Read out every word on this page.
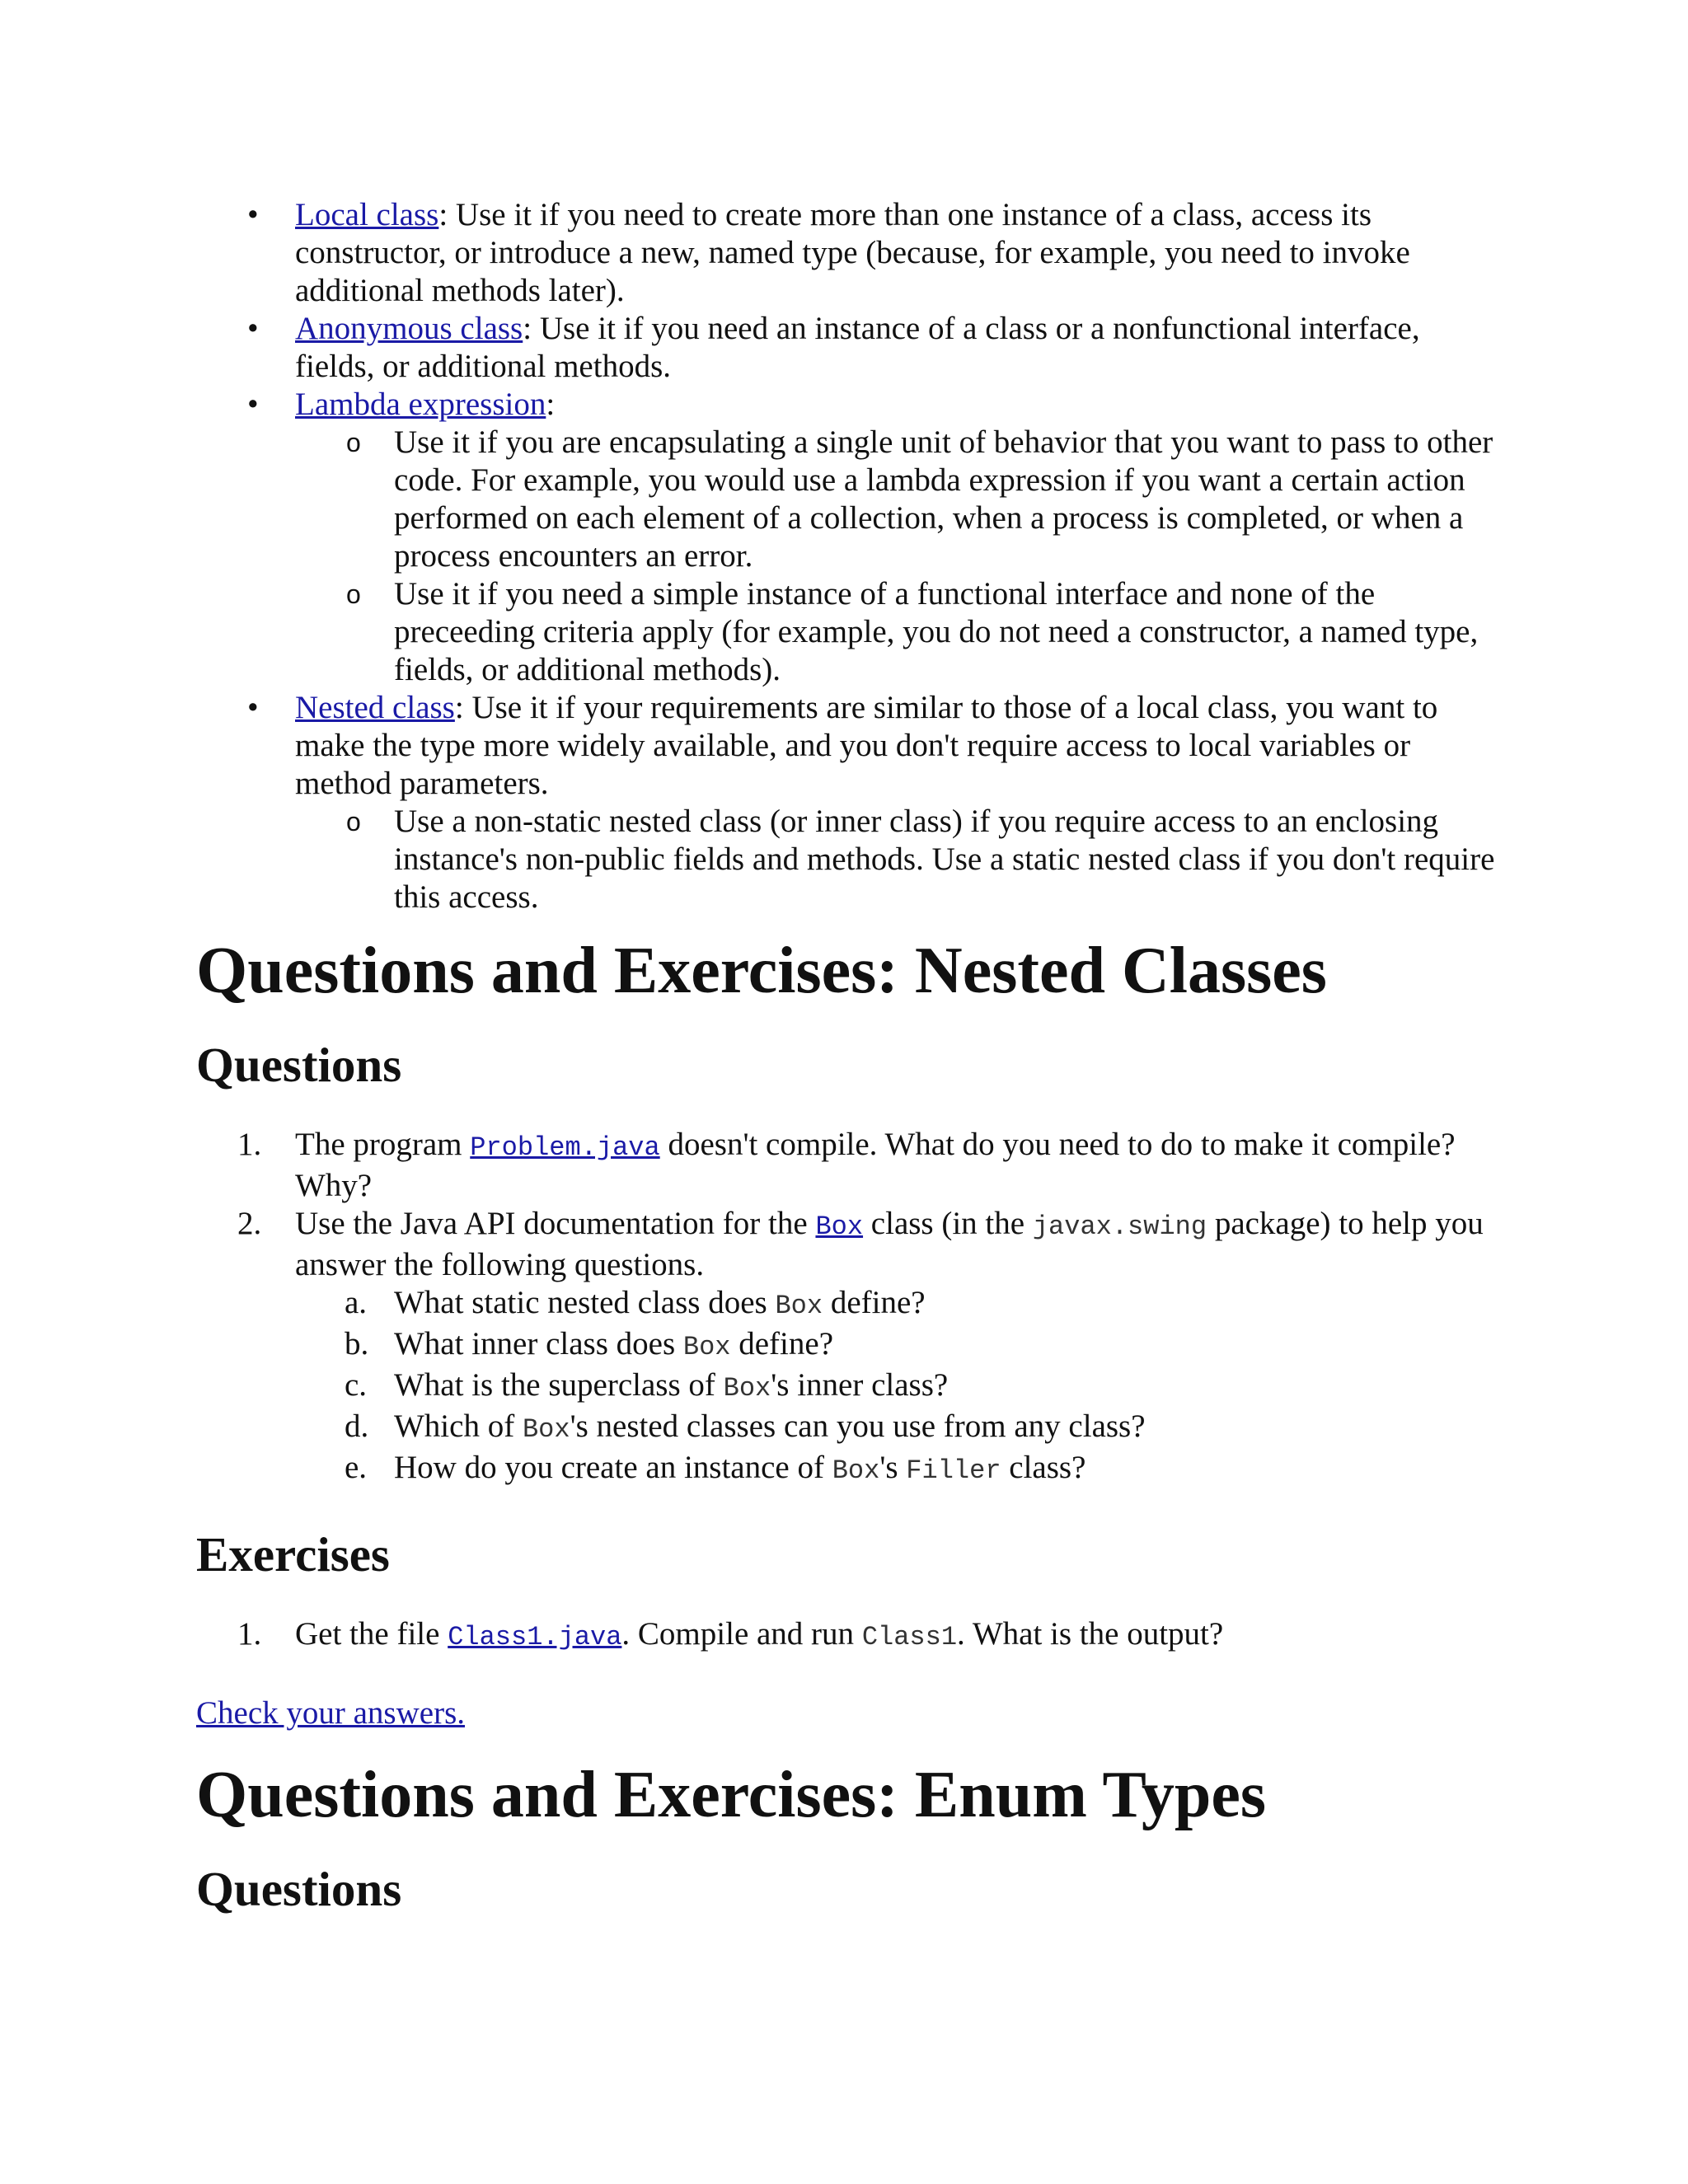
• Local class: Use it if you need to create more than one instance of a class, access its constructor, or introduce a new, named type (because, for example, you need to invoke additional methods later).
• Anonymous class: Use it if you need an instance of a class or a nonfunctional interface, fields, or additional methods.
• Lambda expression:
o Use it if you are encapsulating a single unit of behavior that you want to pass to other code. For example, you would use a lambda expression if you want a certain action performed on each element of a collection, when a process is completed, or when a process encounters an error.
o Use it if you need a simple instance of a functional interface and none of the preceeding criteria apply (for example, you do not need a constructor, a named type, fields, or additional methods).
• Nested class: Use it if your requirements are similar to those of a local class, you want to make the type more widely available, and you don't require access to local variables or method parameters.
o Use a non-static nested class (or inner class) if you require access to an enclosing instance's non-public fields and methods. Use a static nested class if you don't require this access.
Questions and Exercises: Nested Classes
Questions
1. The program Problem.java doesn't compile. What do you need to do to make it compile? Why?
2. Use the Java API documentation for the Box class (in the javax.swing package) to help you answer the following questions.
a. What static nested class does Box define?
b. What inner class does Box define?
c. What is the superclass of Box's inner class?
d. Which of Box's nested classes can you use from any class?
e. How do you create an instance of Box's Filler class?
Exercises
1. Get the file Class1.java. Compile and run Class1. What is the output?
Check your answers.
Questions and Exercises: Enum Types
Questions
